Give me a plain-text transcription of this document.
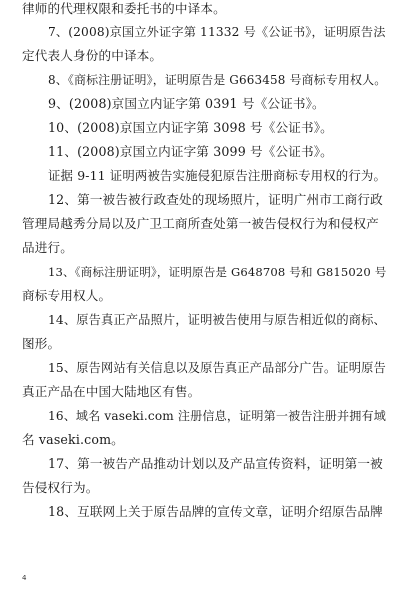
律师的代理权限和委托书的中译本。
7、(2008)京国立外证字第 11332 号《公证书》，证明原告法
定代表人身份的中译本。
8、《商标注册证明》，证明原告是 G663458 号商标专用权人。
9、(2008)京国立内证字第 0391 号《公证书》。
10、(2008)京国立内证字第 3098 号《公证书》。
11、(2008)京国立内证字第 3099 号《公证书》。
证据 9-11 证明两被告实施侵犯原告注册商标专用权的行为。
12、第一被告被行政查处的现场照片，证明广州市工商行政
管理局越秀分局以及广卫工商所查处第一被告侵权行为和侵权产
品进行。
13、《商标注册证明》，证明原告是 G648708 号和 G815020 号
商标专用权人。
14、原告真正产品照片，证明被告使用与原告相近似的商标、
图形。
15、原告网站有关信息以及原告真正产品部分广告。证明原告
真正产品在中国大陆地区有售。
16、域名 vaseki.com 注册信息，证明第一被告注册并拥有域
名 vaseki.com。
17、第一被告产品推动计划以及产品宣传资料，证明第一被
告侵权行为。
18、互联网上关于原告品牌的宣传文章，证明介绍原告品牌
4
